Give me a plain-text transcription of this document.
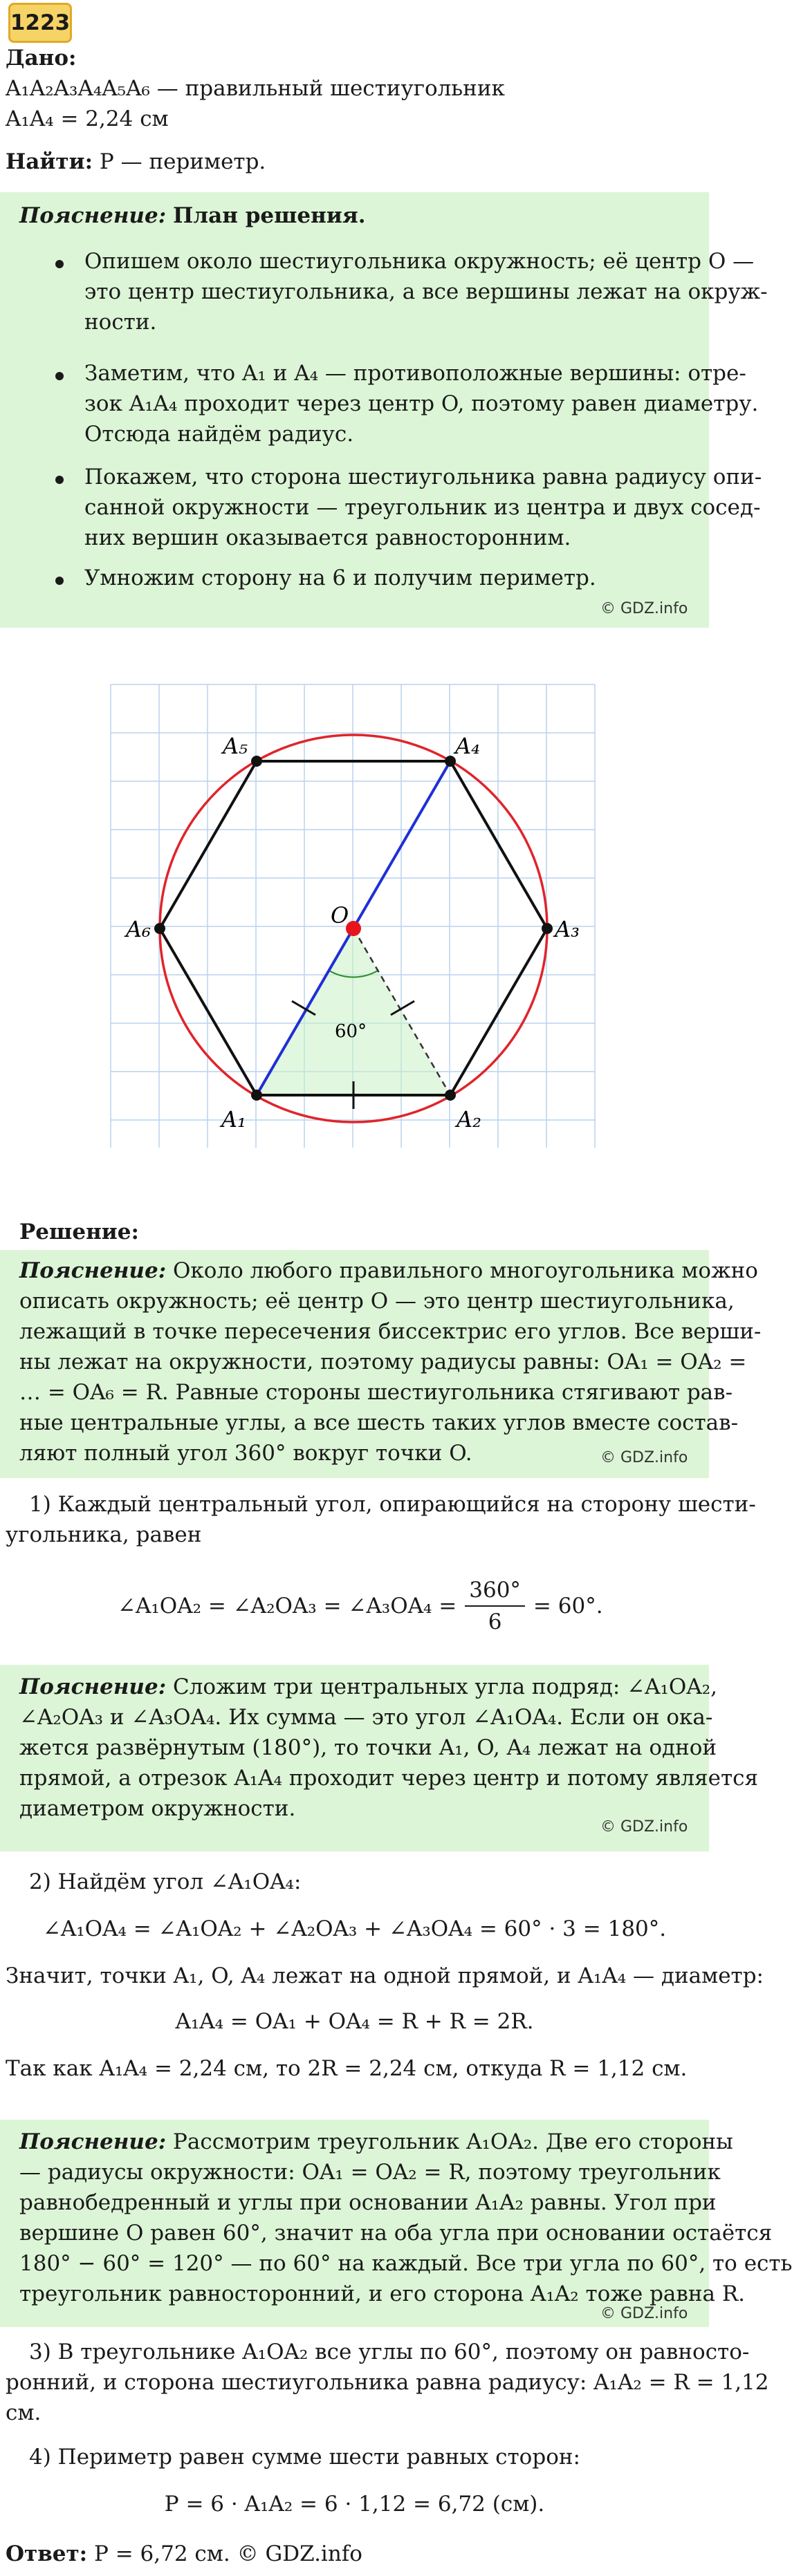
1223
Дано:
A₁A₂A₃A₄A₅A₆ — правильный шестиугольник
A₁A₄ = 2,24 см
Найти: P — периметр.
Пояснение: План решения.
Опишем около шестиугольника окружность; её центр O —
это центр шестиугольника, а все вершины лежат на окруж-
ности.
Заметим, что A₁ и A₄ — противоположные вершины: отре-
зок A₁A₄ проходит через центр O, поэтому равен диаметру.
Отсюда найдём радиус.
Покажем, что сторона шестиугольника равна радиусу опи-
санной окружности — треугольник из центра и двух сосед-
них вершин оказывается равносторонним.
Умножим сторону на 6 и получим периметр.
© GDZ.info
A₁	A₂
A₃
A₄
A₅
A₆
O
60°
Решение:
Пояснение: Около любого правильного многоугольника можно
описать окружность; её центр O — это центр шестиугольника,
лежащий в точке пересечения биссектрис его углов. Все верши-
ны лежат на окружности, поэтому радиусы равны: OA₁ = OA₂ =
… = OA₆ = R. Равные стороны шестиугольника стягивают рав-
ные центральные углы, а все шесть таких углов вместе состав-
ляют полный угол 360° вокруг точки O.	© GDZ.info
1) Каждый центральный угол, опирающийся на сторону шести-
угольника, равен
∠A₁OA₂ = ∠A₂OA₃ = ∠A₃OA₄ =
360°
6
= 60°.
Пояснение: Сложим три центральных угла подряд: ∠A₁OA₂,
∠A₂OA₃ и ∠A₃OA₄. Их сумма — это угол ∠A₁OA₄. Если он ока-
жется развёрнутым (180°), то точки A₁, O, A₄ лежат на одной
прямой, а отрезок A₁A₄ проходит через центр и потому является
диаметром окружности.
© GDZ.info
2) Найдём угол ∠A₁OA₄:
∠A₁OA₄ = ∠A₁OA₂ + ∠A₂OA₃ + ∠A₃OA₄ = 60° · 3 = 180°.
Значит, точки A₁, O, A₄ лежат на одной прямой, и A₁A₄ — диаметр:
A₁A₄ = OA₁ + OA₄ = R + R = 2R.
Так как A₁A₄ = 2,24 см, то 2R = 2,24 см, откуда R = 1,12 см.
Пояснение: Рассмотрим треугольник A₁OA₂. Две его стороны
— радиусы окружности: OA₁ = OA₂ = R, поэтому треугольник
равнобедренный и углы при основании A₁A₂ равны. Угол при
вершине O равен 60°, значит на оба угла при основании остаётся
180° − 60° = 120° — по 60° на каждый. Все три угла по 60°, то есть
треугольник равносторонний, и его сторона A₁A₂ тоже равна R.
© GDZ.info
3) В треугольнике A₁OA₂ все углы по 60°, поэтому он равносто-
ронний, и сторона шестиугольника равна радиусу: A₁A₂ = R = 1,12
см.
4) Периметр равен сумме шести равных сторон:
P = 6 · A₁A₂ = 6 · 1,12 = 6,72 (см).
Ответ: P = 6,72 см. © GDZ.info
